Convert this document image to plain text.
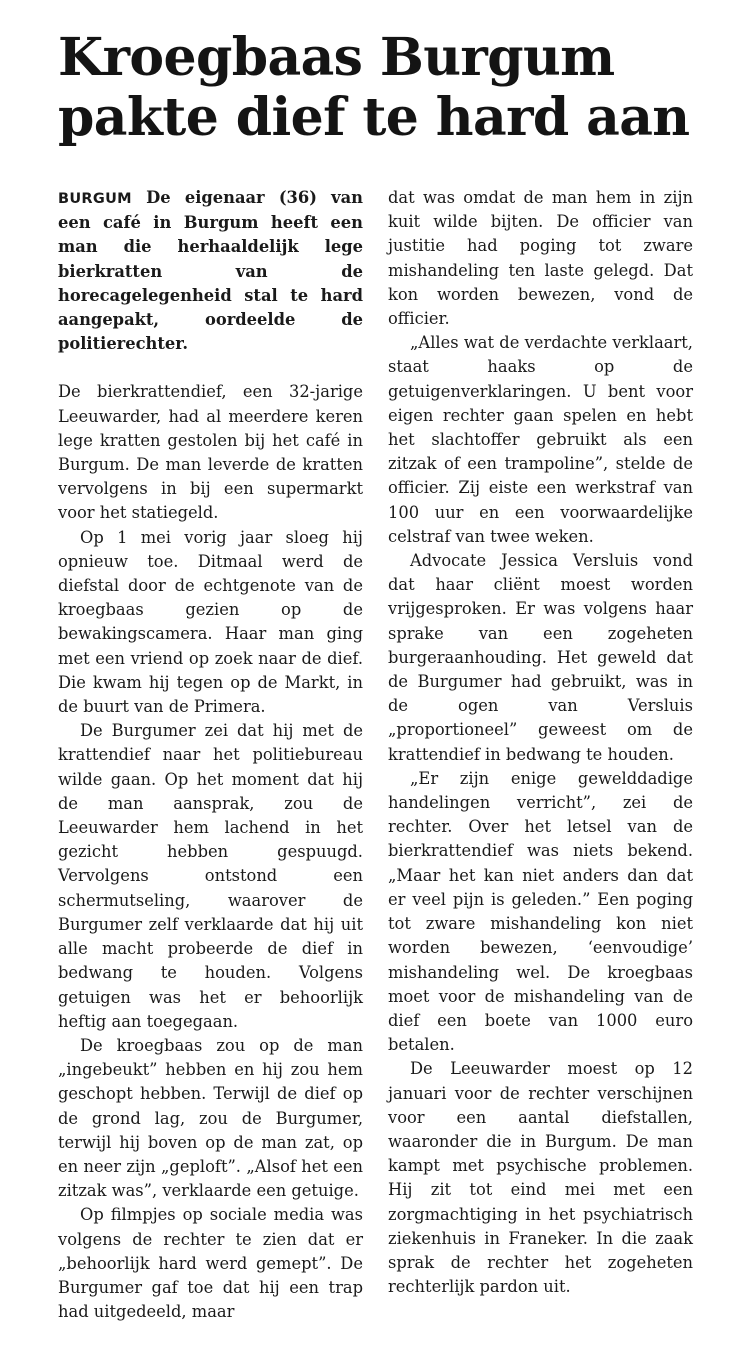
Kroegbaas Burgum pakte dief te hard aan

BURGUM De eigenaar (36) van een café in Burgum heeft een man die herhaaldelijk lege bierkratten van de horecagelegenheid stal te hard aangepakt, oordeelde de politierechter.

De bierkrattendief, een 32-jarige Leeuwarder, had al meerdere keren lege kratten gestolen bij het café in Burgum. De man leverde de kratten vervolgens in bij een supermarkt voor het statiegeld.

Op 1 mei vorig jaar sloeg hij opnieuw toe. Ditmaal werd de diefstal door de echtgenote van de kroegbaas gezien op de bewakingscamera. Haar man ging met een vriend op zoek naar de dief. Die kwam hij tegen op de Markt, in de buurt van de Primera.

De Burgumer zei dat hij met de krattendief naar het politiebureau wilde gaan. Op het moment dat hij de man aansprak, zou de Leeuwarder hem lachend in het gezicht hebben gespuugd. Vervolgens ontstond een schermutseling, waarover de Burgumer zelf verklaarde dat hij uit alle macht probeerde de dief in bedwang te houden. Volgens getuigen was het er behoorlijk heftig aan toegegaan.

De kroegbaas zou op de man „ingebeukt” hebben en hij zou hem geschopt hebben. Terwijl de dief op de grond lag, zou de Burgumer, terwijl hij boven op de man zat, op en neer zijn „geploft”. „Alsof het een zitzak was”, verklaarde een getuige.

Op filmpjes op sociale media was volgens de rechter te zien dat er „behoorlijk hard werd gemept”. De Burgumer gaf toe dat hij een trap had uitgedeeld, maar

dat was omdat de man hem in zijn kuit wilde bijten. De officier van justitie had poging tot zware mishandeling ten laste gelegd. Dat kon worden bewezen, vond de officier.

„Alles wat de verdachte verklaart, staat haaks op de getuigenverklaringen. U bent voor eigen rechter gaan spelen en hebt het slachtoffer gebruikt als een zitzak of een trampoline”, stelde de officier. Zij eiste een werkstraf van 100 uur en een voorwaardelijke celstraf van twee weken.

Advocate Jessica Versluis vond dat haar cliënt moest worden vrijgesproken. Er was volgens haar sprake van een zogeheten burgeraanhouding. Het geweld dat de Burgumer had gebruikt, was in de ogen van Versluis „proportioneel” geweest om de krattendief in bedwang te houden.

„Er zijn enige gewelddadige handelingen verricht”, zei de rechter. Over het letsel van de bierkrattendief was niets bekend. „Maar het kan niet anders dan dat er veel pijn is geleden.” Een poging tot zware mishandeling kon niet worden bewezen, ‘eenvoudige’ mishandeling wel. De kroegbaas moet voor de mishandeling van de dief een boete van 1000 euro betalen.

De Leeuwarder moest op 12 januari voor de rechter verschijnen voor een aantal diefstallen, waaronder die in Burgum. De man kampt met psychische problemen. Hij zit tot eind mei met een zorgmachtiging in het psychiatrisch ziekenhuis in Franeker. In die zaak sprak de rechter het zogeheten rechterlijk pardon uit.
